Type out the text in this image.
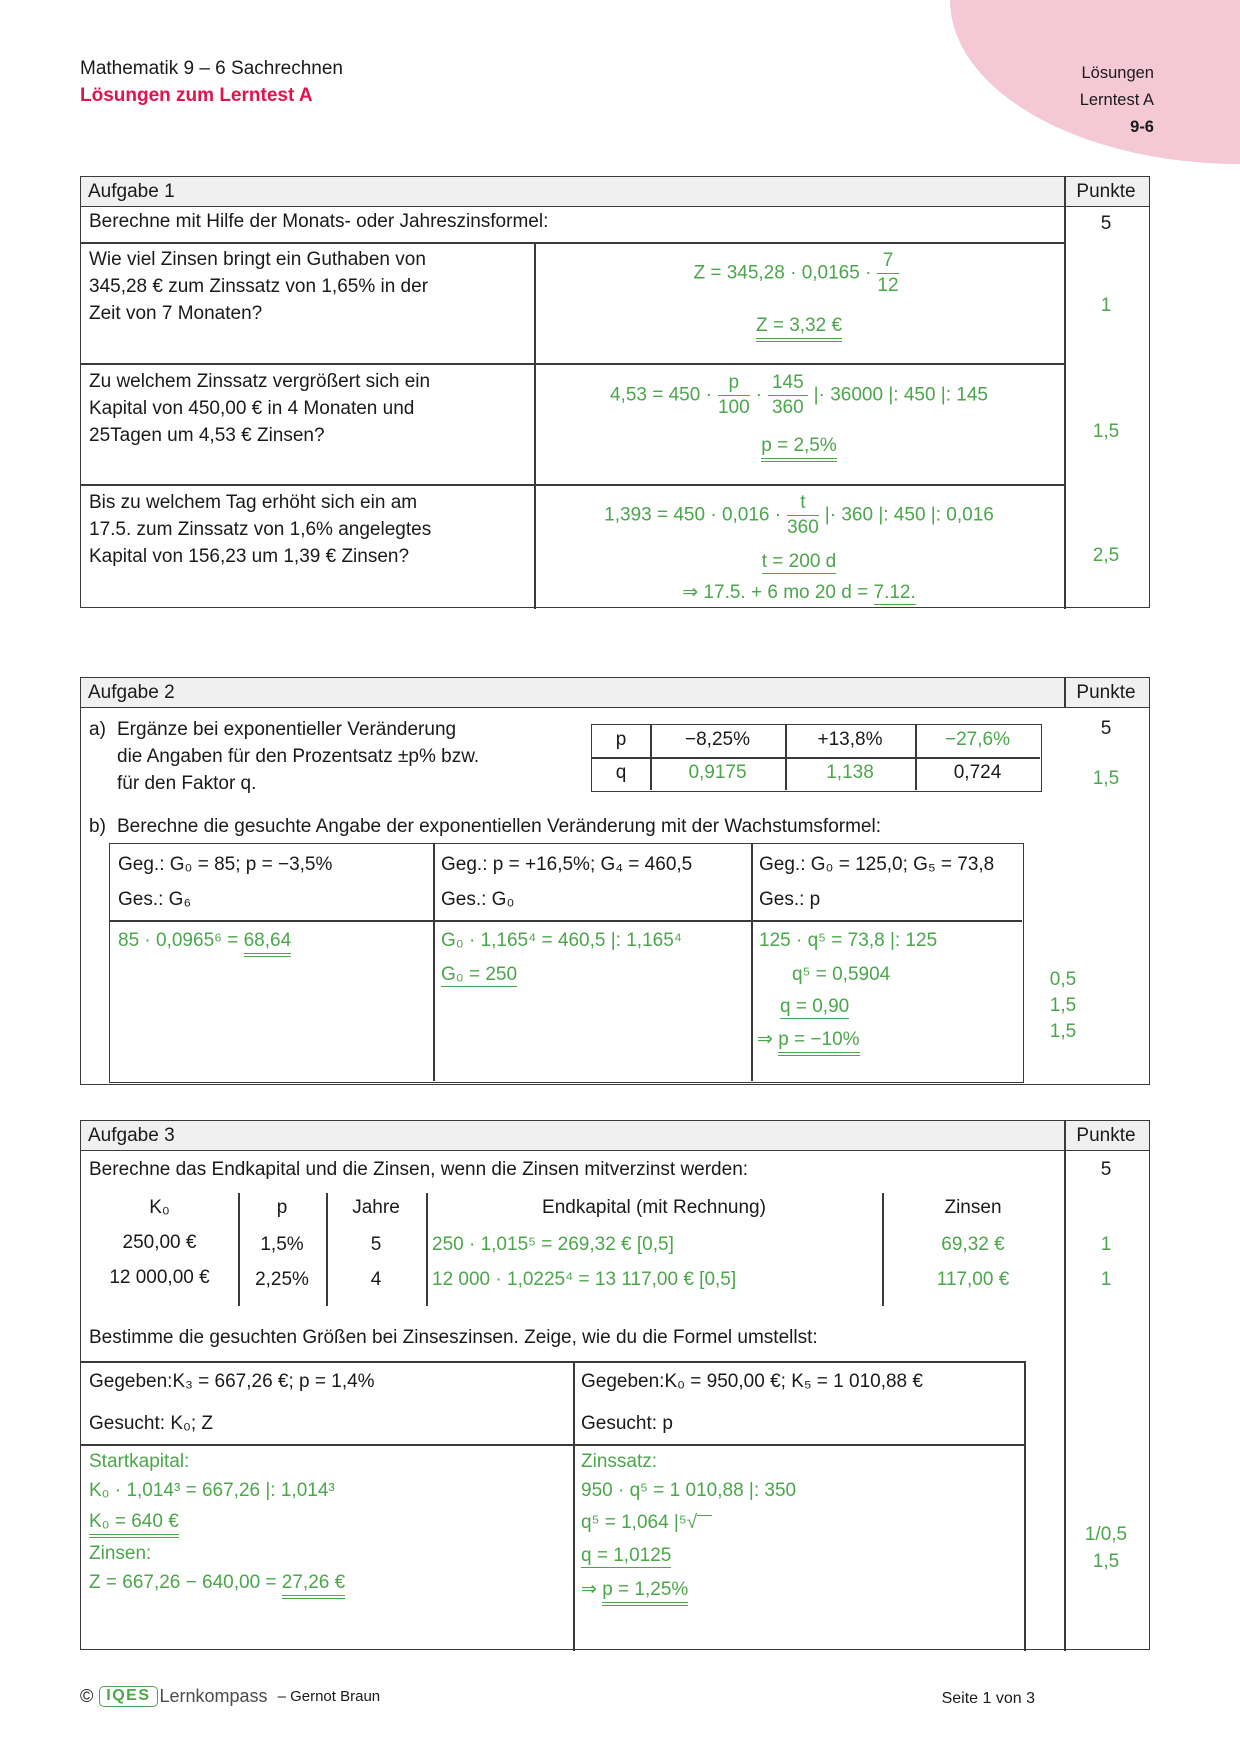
Lösungen
Lerntest A
9-6
Mathematik 9 – 6 Sachrechnen
Lösungen zum Lerntest A
Aufgabe 1	Punkte
Berechne mit Hilfe der Monats- oder Jahreszinsformel:	5
Wie viel Zinsen bringt ein Guthaben von
345,28 € zum Zinssatz von 1,65% in der
Zeit von 7 Monaten?
$Z = 345,28 \cdot 0,0165 \cdot \frac{7}{12}$
Z = 3,32 €
1
Zu welchem Zinssatz vergrößert sich ein
Kapital von 450,00 € in 4 Monaten und
25Tagen um 4,53 € Zinsen?
$4,53 = 450 \cdot \frac{p}{100} \cdot \frac{145}{360}$ |· 36000 |: 450 |: 145
p = 2,5%
1,5
Bis zu welchem Tag erhöht sich ein am
17.5. zum Zinssatz von 1,6% angelegtes
Kapital von 156,23 um 1,39 € Zinsen?
$1,393 = 450 \cdot 0,016 \cdot \frac{t}{360}$ |· 360 |: 450 |: 0,016
t = 200 d
⇒ 17.5. + 6 mo 20 d = 7.12.
2,5
Aufgabe 2	Punkte
a) Ergänze bei exponentieller Veränderung
die Angaben für den Prozentsatz ±p% bzw.
für den Faktor q.
p	−8,25%	+13,8%	−27,6%
q	0,9175	1,138	0,724
5
1,5
b) Berechne die gesuchte Angabe der exponentiellen Veränderung mit der Wachstumsformel:
Geg.: G₀ = 85; p = −3,5%
Ges.: G₆
85 · 0,0965⁶ = 68,64
Geg.: p = +16,5%; G₄ = 460,5
Ges.: G₀
G₀ · 1,165⁴ = 460,5 |: 1,165⁴
G₀ = 250
Geg.: G₀ = 125,0; G₅ = 73,8
Ges.: p
125 · q⁵ = 73,8 |: 125
q⁵ = 0,5904
q = 0,90
⇒ p = −10%
0,5
1,5
1,5
Aufgabe 3	Punkte
Berechne das Endkapital und die Zinsen, wenn die Zinsen mitverzinst werden:	5
K₀	p	Jahre	Endkapital (mit Rechnung)	Zinsen
250,00 €	1,5%	5	250 · 1,015⁵ = 269,32 € [0,5]	69,32 €	1
12 000,00 €	2,25%	4	12 000 · 1,0225⁴ = 13 117,00 € [0,5]	117,00 €	1
Bestimme die gesuchten Größen bei Zinseszinsen. Zeige, wie du die Formel umstellst:
Gegeben:K₃ = 667,26 €; p = 1,4%
Gesucht: K₀; Z
Gegeben:K₀ = 950,00 €; K₅ = 1 010,88 €
Gesucht: p
Startkapital:
K₀ · 1,014³ = 667,26 |: 1,014³
K₀ = 640 €
Zinsen:
Z = 667,26 − 640,00 = 27,26 €
Zinssatz:
950 · q⁵ = 1 010,88 |: 350
q⁵ = 1,064 |⁵√
q = 1,0125
⇒ p = 1,25%
1/0,5
1,5
© IQES Lernkompass – Gernot Braun	Seite 1 von 3
